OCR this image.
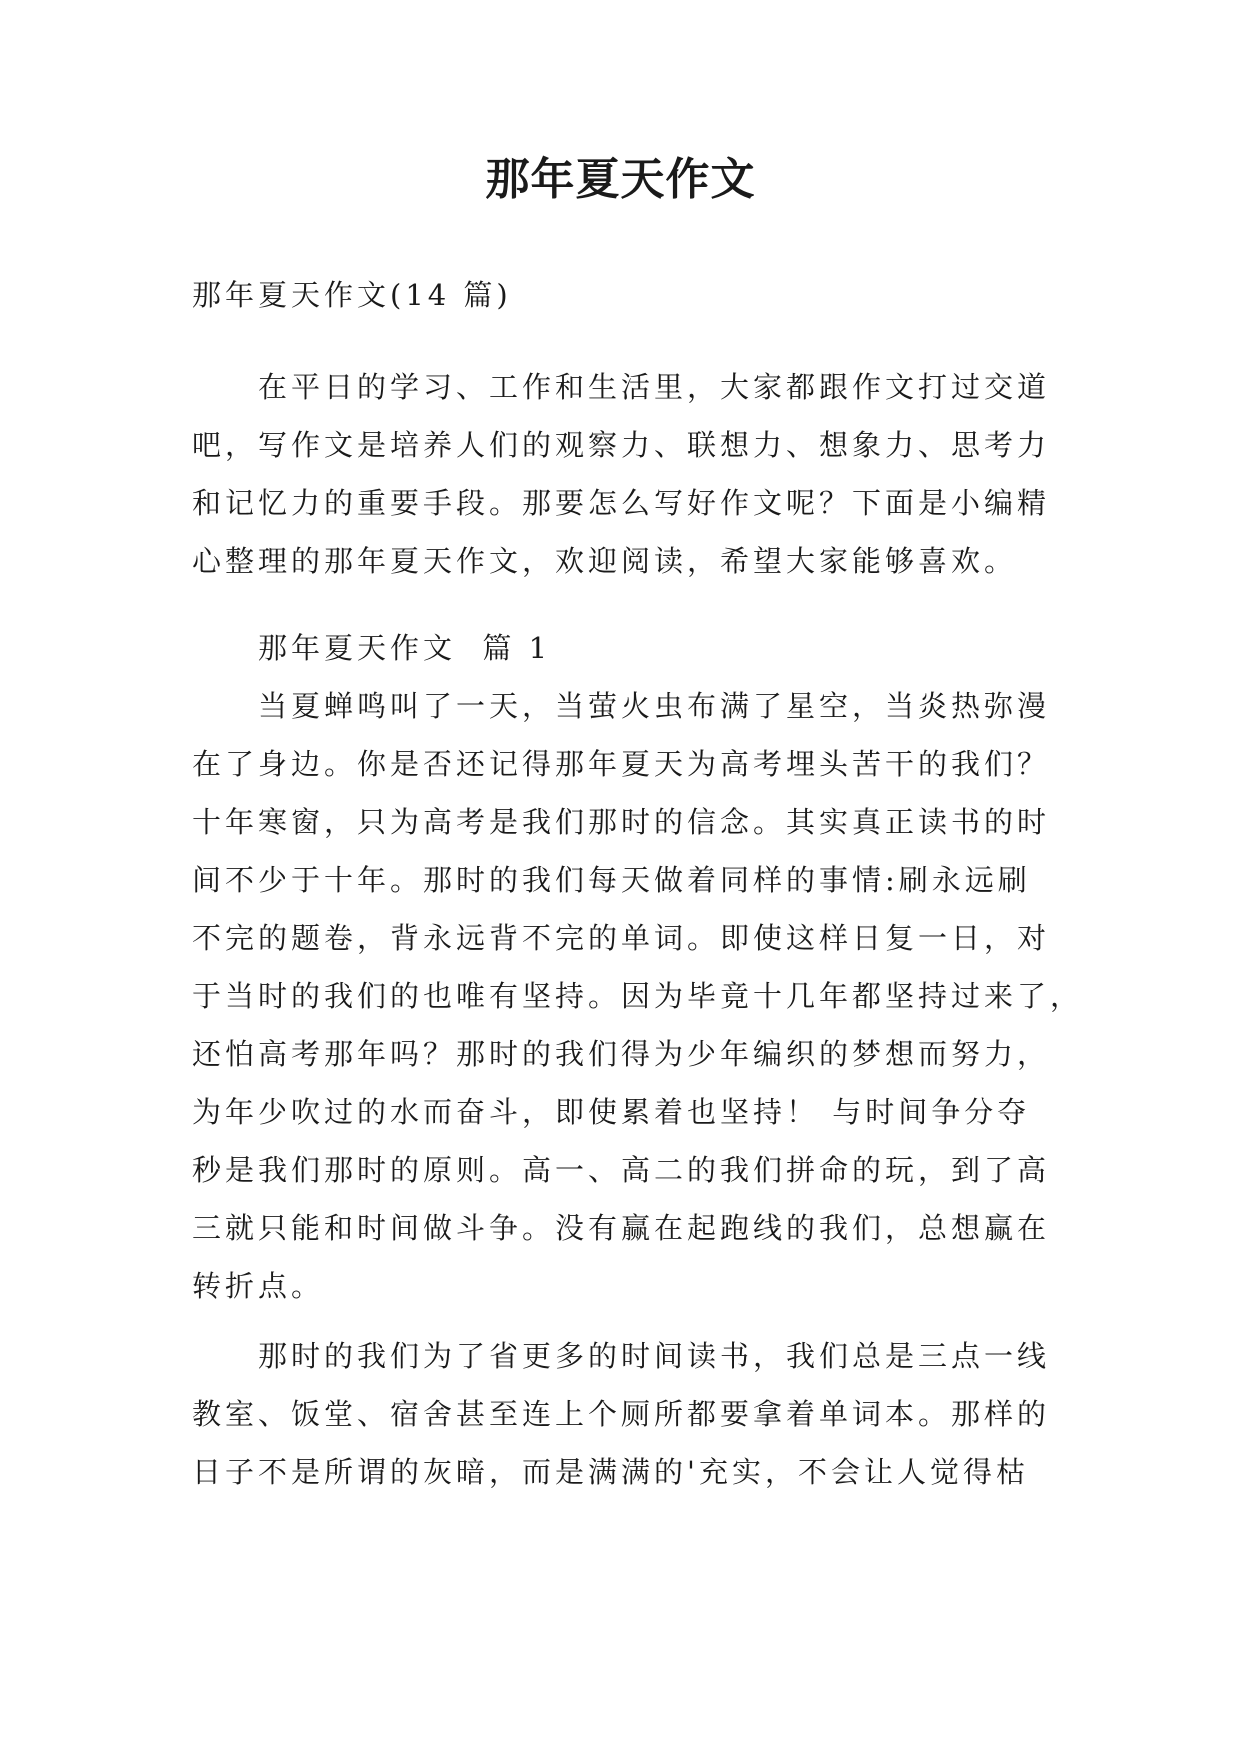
那年夏天作文
那年夏天作文(14 篇)
在平日的学习、工作和生活里，大家都跟作文打过交道
吧，写作文是培养人们的观察力、联想力、想象力、思考力
和记忆力的重要手段。那要怎么写好作文呢？下面是小编精
心整理的那年夏天作文，欢迎阅读，希望大家能够喜欢。
那年夏天作文  篇 1
当夏蝉鸣叫了一天，当萤火虫布满了星空，当炎热弥漫
在了身边。你是否还记得那年夏天为高考埋头苦干的我们？
十年寒窗，只为高考是我们那时的信念。其实真正读书的时
间不少于十年。那时的我们每天做着同样的事情:刷永远刷
不完的题卷，背永远背不完的单词。即使这样日复一日，对
于当时的我们的也唯有坚持。因为毕竟十几年都坚持过来了，
还怕高考那年吗？那时的我们得为少年编织的梦想而努力，
为年少吹过的水而奋斗，即使累着也坚持！ 与时间争分夺
秒是我们那时的原则。高一、高二的我们拼命的玩，到了高
三就只能和时间做斗争。没有赢在起跑线的我们，总想赢在
转折点。
那时的我们为了省更多的时间读书，我们总是三点一线
教室、饭堂、宿舍甚至连上个厕所都要拿着单词本。那样的
日子不是所谓的灰暗，而是满满的'充实，不会让人觉得枯
